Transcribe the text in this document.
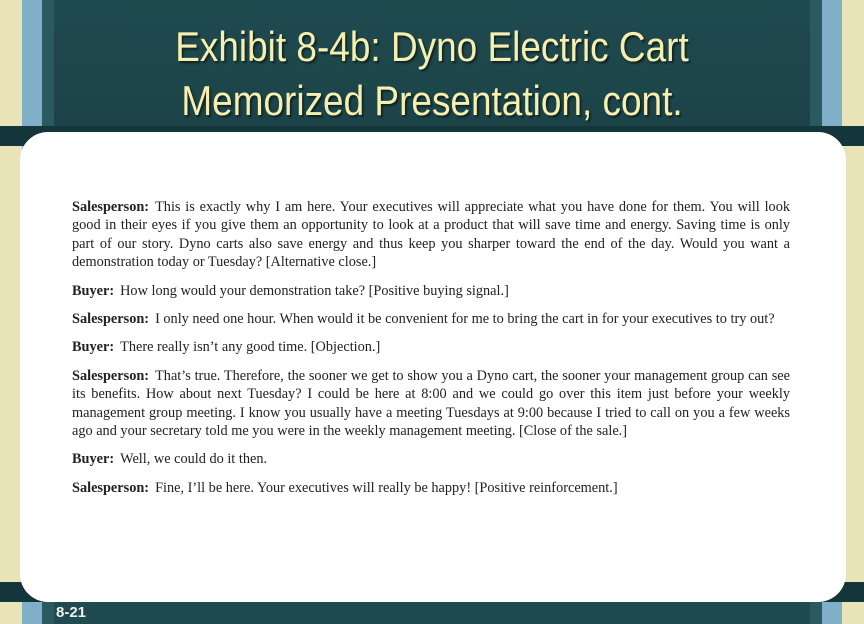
Exhibit 8-4b: Dyno Electric Cart Memorized Presentation, cont.

Salesperson: This is exactly why I am here. Your executives will appreciate what you have done for them. You will look good in their eyes if you give them an opportunity to look at a product that will save time and energy. Saving time is only part of our story. Dyno carts also save energy and thus keep you sharper toward the end of the day. Would you want a demonstration today or Tuesday? [Alternative close.]

Buyer: How long would your demonstration take? [Positive buying signal.]

Salesperson: I only need one hour. When would it be convenient for me to bring the cart in for your executives to try out?

Buyer: There really isn’t any good time. [Objection.]

Salesperson: That’s true. Therefore, the sooner we get to show you a Dyno cart, the sooner your management group can see its benefits. How about next Tuesday? I could be here at 8:00 and we could go over this item just before your weekly management group meeting. I know you usually have a meeting Tuesdays at 9:00 because I tried to call on you a few weeks ago and your secretary told me you were in the weekly management meeting. [Close of the sale.]

Buyer: Well, we could do it then.

Salesperson: Fine, I’ll be here. Your executives will really be happy! [Positive reinforcement.]

8-21
